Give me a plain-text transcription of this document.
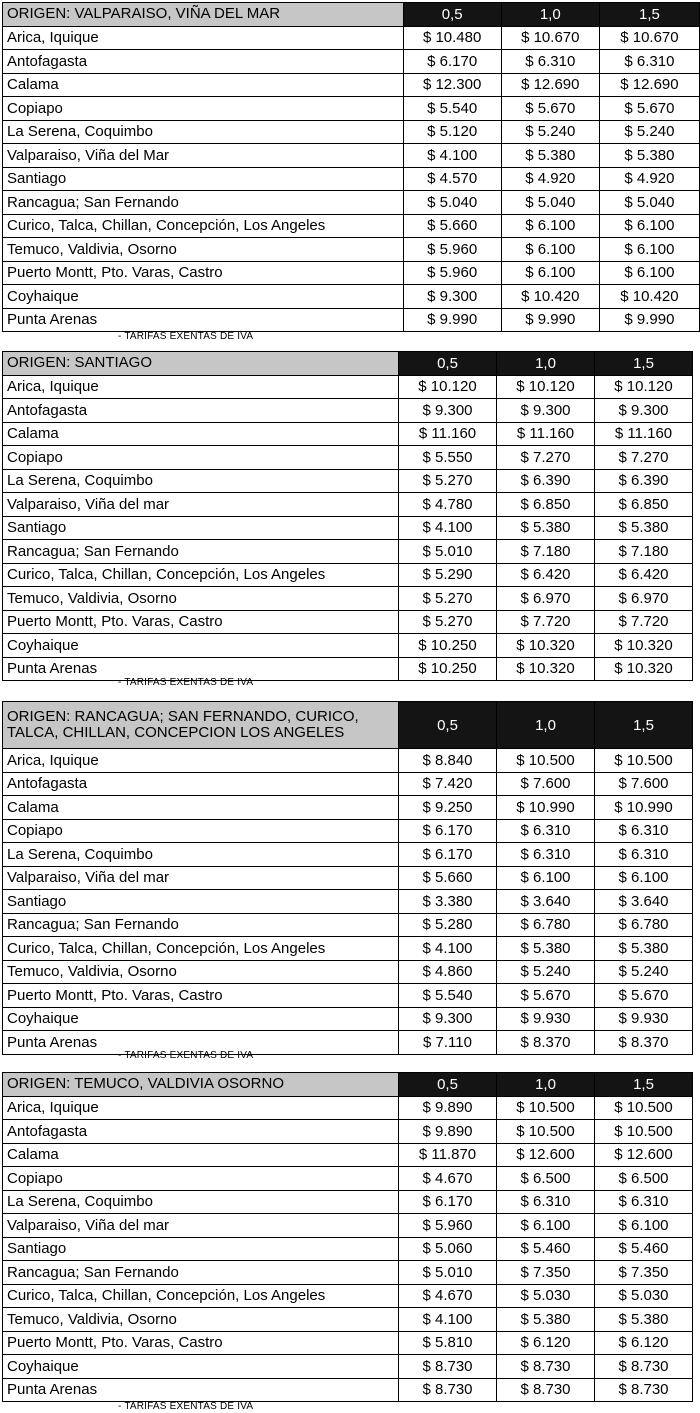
ORIGEN: VALPARAISO, VIÑA DEL MAR	0,5	1,0	1,5
Arica, Iquique	$ 10.480	$ 10.670	$ 10.670
Antofagasta	$ 6.170	$ 6.310	$ 6.310
Calama	$ 12.300	$ 12.690	$ 12.690
Copiapo	$ 5.540	$ 5.670	$ 5.670
La Serena, Coquimbo	$ 5.120	$ 5.240	$ 5.240
Valparaiso, Viña del Mar	$ 4.100	$ 5.380	$ 5.380
Santiago	$ 4.570	$ 4.920	$ 4.920
Rancagua; San Fernando	$ 5.040	$ 5.040	$ 5.040
Curico, Talca, Chillan, Concepción, Los Angeles	$ 5.660	$ 6.100	$ 6.100
Temuco, Valdivia, Osorno	$ 5.960	$ 6.100	$ 6.100
Puerto Montt, Pto. Varas, Castro	$ 5.960	$ 6.100	$ 6.100
Coyhaique	$ 9.300	$ 10.420	$ 10.420
Punta Arenas	$ 9.990	$ 9.990	$ 9.990
- TARIFAS EXENTAS DE IVA
ORIGEN: SANTIAGO	0,5	1,0	1,5
Arica, Iquique	$ 10.120	$ 10.120	$ 10.120
Antofagasta	$ 9.300	$ 9.300	$ 9.300
Calama	$ 11.160	$ 11.160	$ 11.160
Copiapo	$ 5.550	$ 7.270	$ 7.270
La Serena, Coquimbo	$ 5.270	$ 6.390	$ 6.390
Valparaiso, Viña del mar	$ 4.780	$ 6.850	$ 6.850
Santiago	$ 4.100	$ 5.380	$ 5.380
Rancagua; San Fernando	$ 5.010	$ 7.180	$ 7.180
Curico, Talca, Chillan, Concepción, Los Angeles	$ 5.290	$ 6.420	$ 6.420
Temuco, Valdivia, Osorno	$ 5.270	$ 6.970	$ 6.970
Puerto Montt, Pto. Varas, Castro	$ 5.270	$ 7.720	$ 7.720
Coyhaique	$ 10.250	$ 10.320	$ 10.320
Punta Arenas	$ 10.250	$ 10.320	$ 10.320
- TARIFAS EXENTAS DE IVA
ORIGEN: RANCAGUA; SAN FERNANDO, CURICO, TALCA, CHILLAN, CONCEPCION LOS ANGELES	0,5	1,0	1,5
Arica, Iquique	$ 8.840	$ 10.500	$ 10.500
Antofagasta	$ 7.420	$ 7.600	$ 7.600
Calama	$ 9.250	$ 10.990	$ 10.990
Copiapo	$ 6.170	$ 6.310	$ 6.310
La Serena, Coquimbo	$ 6.170	$ 6.310	$ 6.310
Valparaiso, Viña del mar	$ 5.660	$ 6.100	$ 6.100
Santiago	$ 3.380	$ 3.640	$ 3.640
Rancagua; San Fernando	$ 5.280	$ 6.780	$ 6.780
Curico, Talca, Chillan, Concepción, Los Angeles	$ 4.100	$ 5.380	$ 5.380
Temuco, Valdivia, Osorno	$ 4.860	$ 5.240	$ 5.240
Puerto Montt, Pto. Varas, Castro	$ 5.540	$ 5.670	$ 5.670
Coyhaique	$ 9.300	$ 9.930	$ 9.930
Punta Arenas	$ 7.110	$ 8.370	$ 8.370
- TARIFAS EXENTAS DE IVA
ORIGEN: TEMUCO, VALDIVIA OSORNO	0,5	1,0	1,5
Arica, Iquique	$ 9.890	$ 10.500	$ 10.500
Antofagasta	$ 9.890	$ 10.500	$ 10.500
Calama	$ 11.870	$ 12.600	$ 12.600
Copiapo	$ 4.670	$ 6.500	$ 6.500
La Serena, Coquimbo	$ 6.170	$ 6.310	$ 6.310
Valparaiso, Viña del mar	$ 5.960	$ 6.100	$ 6.100
Santiago	$ 5.060	$ 5.460	$ 5.460
Rancagua; San Fernando	$ 5.010	$ 7.350	$ 7.350
Curico, Talca, Chillan, Concepción, Los Angeles	$ 4.670	$ 5.030	$ 5.030
Temuco, Valdivia, Osorno	$ 4.100	$ 5.380	$ 5.380
Puerto Montt, Pto. Varas, Castro	$ 5.810	$ 6.120	$ 6.120
Coyhaique	$ 8.730	$ 8.730	$ 8.730
Punta Arenas	$ 8.730	$ 8.730	$ 8.730
- TARIFAS EXENTAS DE IVA
